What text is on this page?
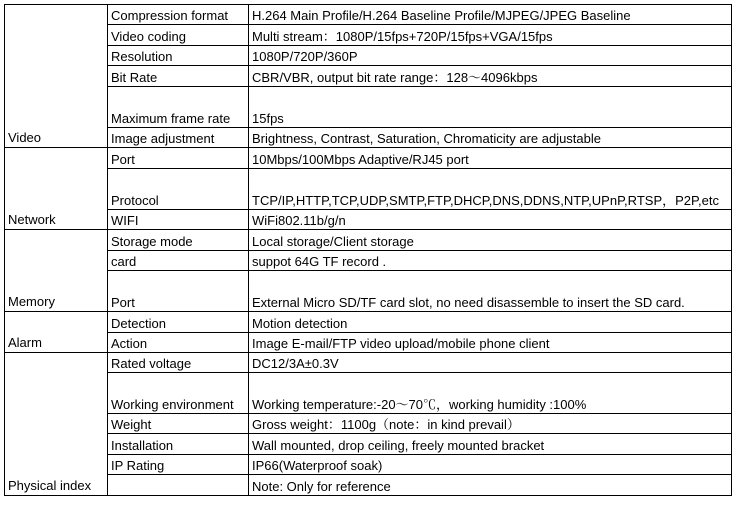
Video	Compression format	H.264 Main Profile/H.264 Baseline Profile/MJPEG/JPEG Baseline
	Video coding	Multi stream：1080P/15fps+720P/15fps+VGA/15fps
	Resolution	1080P/720P/360P
	Bit Rate	CBR/VBR, output bit rate range：128～4096kbps
	Maximum frame rate	15fps
	Image adjustment	Brightness, Contrast, Saturation, Chromaticity are adjustable
Network	Port	10Mbps/100Mbps Adaptive/RJ45 port
	Protocol	TCP/IP,HTTP,TCP,UDP,SMTP,FTP,DHCP,DNS,DDNS,NTP,UPnP,RTSP，P2P,etc
	WIFI	WiFi802.11b/g/n
Memory	Storage mode	Local storage/Client storage
	card	suppot 64G TF record .
	Port	External Micro SD/TF card slot, no need disassemble to insert the SD card.
Alarm	Detection	Motion detection
	Action	Image E-mail/FTP video upload/mobile phone client
Physical index	Rated voltage	DC12/3A±0.3V
	Working environment	Working temperature:-20～70℃，working humidity :100%
	Weight	Gross weight：1100g（note：in kind prevail）
	Installation	Wall mounted, drop ceiling, freely mounted bracket
	IP Rating	IP66(Waterproof soak)
		Note: Only for reference
